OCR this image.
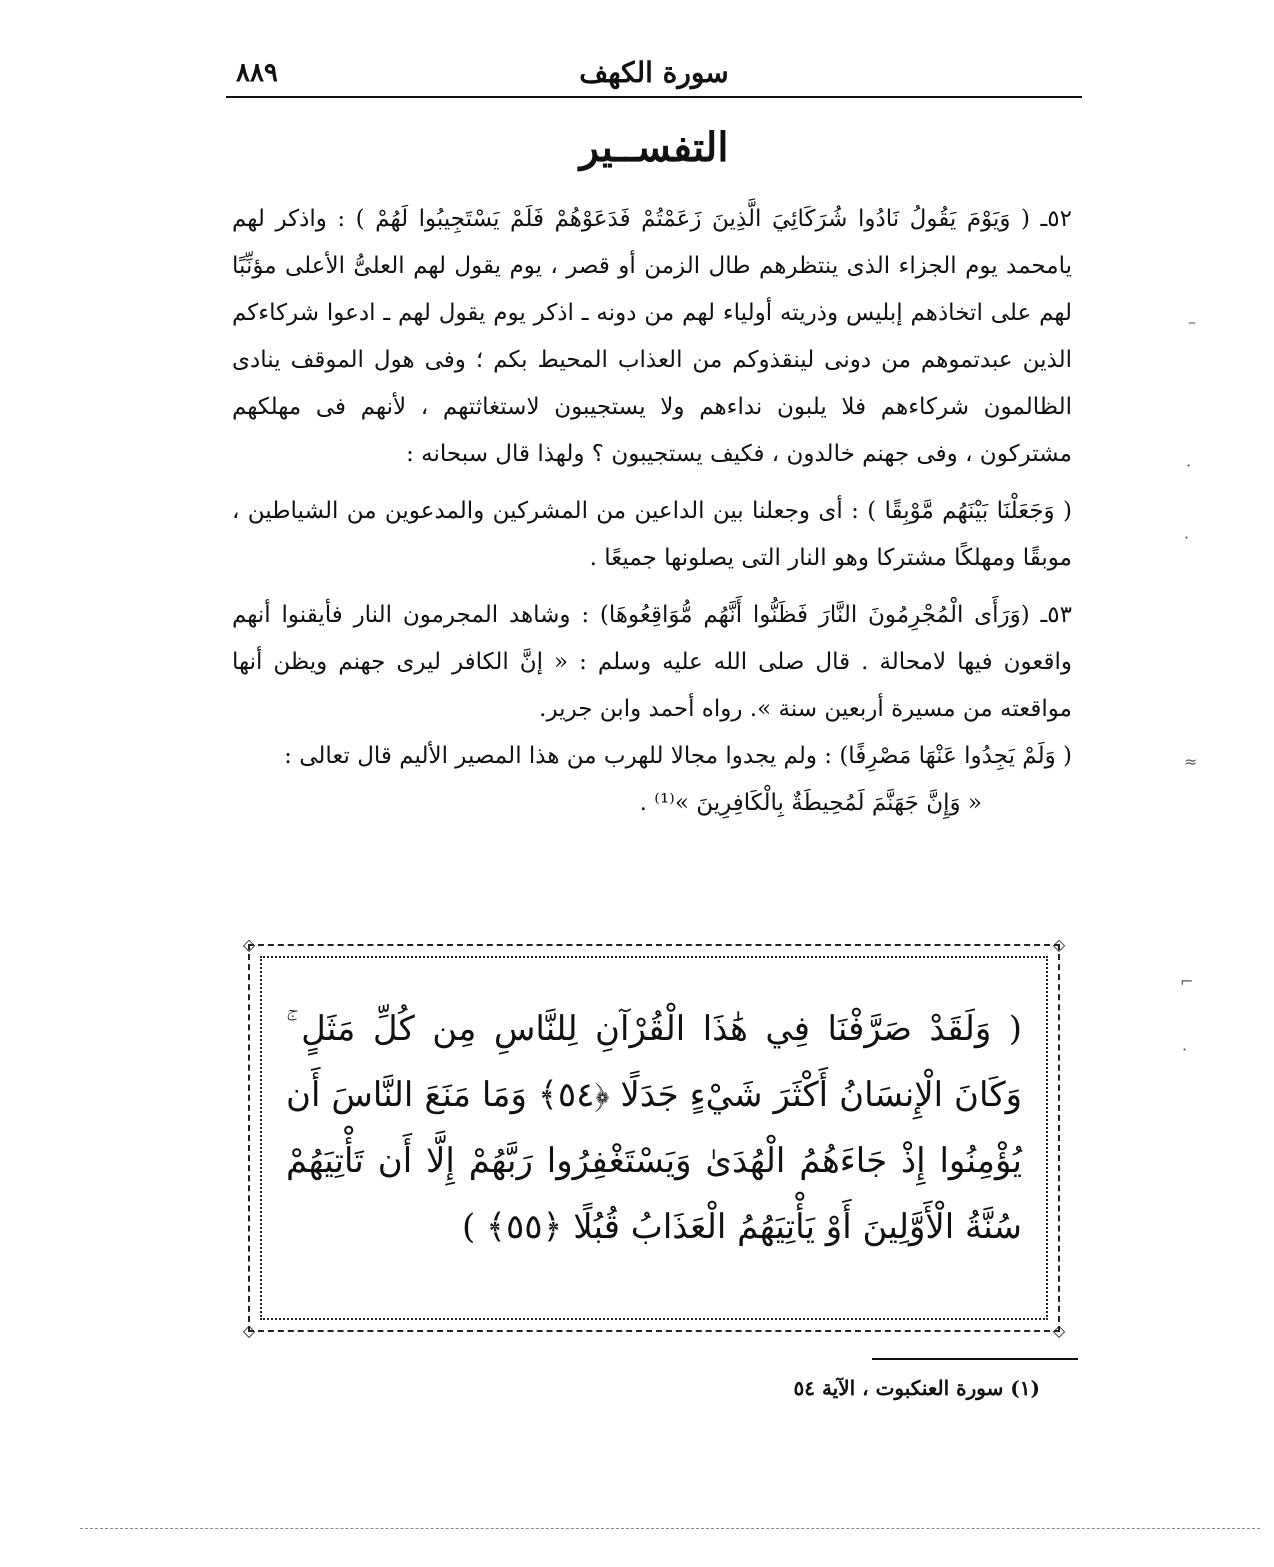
سورة الكهف
٨٨٩
التفســير

٥٢ـ ( وَيَوْمَ يَقُولُ نَادُوا شُرَكَائِيَ الَّذِينَ زَعَمْتُمْ فَدَعَوْهُمْ فَلَمْ يَسْتَجِيبُوا لَهُمْ ) : واذكر لهم يامحمد يوم الجزاء الذى ينتظرهم طال الزمن أو قصر ، يوم يقول لهم العلىُّ الأعلى مؤنِّبًا لهم على اتخاذهم إبليس وذريته أولياء لهم من دونه ـ اذكر يوم يقول لهم ـ ادعوا شركاءكم الذين عبدتموهم من دونى لينقذوكم من العذاب المحيط بكم ؛ وفى هول الموقف ينادى الظالمون شركاءهم فلا يلبون نداءهم ولا يستجيبون لاستغاثتهم ، لأنهم فى مهلكهم مشتركون ، وفى جهنم خالدون ، فكيف يستجيبون ؟ ولهذا قال سبحانه :

( وَجَعَلْنَا بَيْنَهُم مَّوْبِقًا ) : أى وجعلنا بين الداعين من المشركين والمدعوين من الشياطين ، موبقًا ومهلكًا مشتركا وهو النار التى يصلونها جميعًا .

٥٣ـ (وَرَأَى الْمُجْرِمُونَ النَّارَ فَظَنُّوا أَنَّهُم مُّوَاقِعُوهَا) : وشاهد المجرمون النار فأيقنوا أنهم واقعون فيها لامحالة . قال صلى الله عليه وسلم : « إنَّ الكافر ليرى جهنم ويظن أنها مواقعته من مسيرة أربعين سنة ». رواه أحمد وابن جرير.

( وَلَمْ يَجِدُوا عَنْهَا مَصْرِفًا) : ولم يجدوا مجالا للهرب من هذا المصير الأليم قال تعالى :

« وَإِنَّ جَهَنَّمَ لَمُحِيطَةٌ بِالْكَافِرِينَ »⁽¹⁾ .

◇	◇
◇	◇
( وَلَقَدْ صَرَّفْنَا فِي هَٰذَا الْقُرْآنِ لِلنَّاسِ مِن كُلِّ مَثَلٍ ۚ وَكَانَ الْإِنسَانُ أَكْثَرَ شَيْءٍ جَدَلًا ﴿٥٤﴾ وَمَا مَنَعَ النَّاسَ أَن يُؤْمِنُوا إِذْ جَاءَهُمُ الْهُدَىٰ وَيَسْتَغْفِرُوا رَبَّهُمْ إِلَّا أَن تَأْتِيَهُمْ سُنَّةُ الْأَوَّلِينَ أَوْ يَأْتِيَهُمُ الْعَذَابُ قُبُلًا ﴿٥٥﴾ )
(١) سورة العنكبوت ، الآية ٥٤
–
·
·
≈
⌐
·
